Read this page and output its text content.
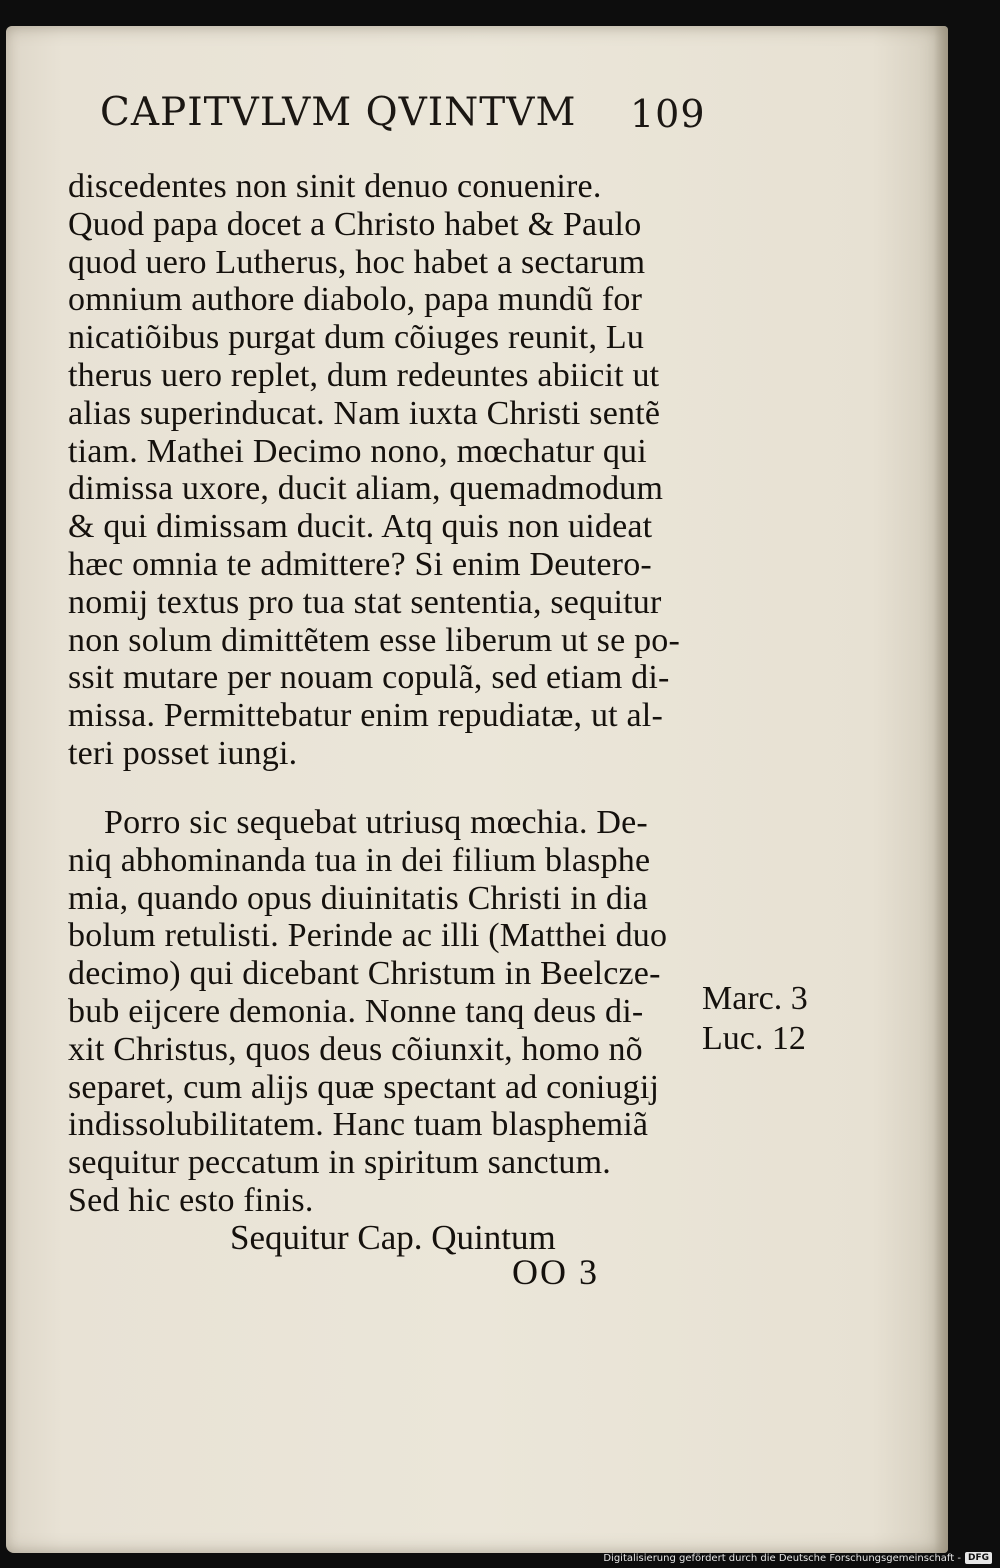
CAPITVLVM QVINTVM 109
discedentes non sinit denuo conuenire.
Quod papa docet a Christo habet & Paulo
quod uero Lutherus, hoc habet a sectarum
omnium authore diabolo, papa mundũ for
nicatiõibus purgat dum cõiuges reunit, Lu
therus uero replet, dum redeuntes abiicit ut
alias superinducat. Nam iuxta Christi sentẽ
tiam. Mathei Decimo nono, mœchatur qui
dimissa uxore, ducit aliam, quemadmodum
& qui dimissam ducit. Atq quis non uideat
hæc omnia te admittere? Si enim Deutero-
nomij textus pro tua stat sententia, sequitur
non solum dimittẽtem esse liberum ut se po-
ssit mutare per nouam copulã, sed etiam di-
missa. Permittebatur enim repudiatæ, ut al-
teri posset iungi.
Porro sic sequebat utriusq mœchia. De-
niq abhominanda tua in dei filium blasphe
mia, quando opus diuinitatis Christi in dia
bolum retulisti. Perinde ac illi (Matthei duo
decimo) qui dicebant Christum in Beelcze-
bub eijcere demonia. Nonne tanq deus di-
xit Christus, quos deus cõiunxit, homo nõ
separet, cum alijs quæ spectant ad coniugij
indissolubilitatem. Hanc tuam blasphemiã
sequitur peccatum in spiritum sanctum.
Sed hic esto finis.
Marc. 3
Luc. 12
Sequitur Cap. Quintum
OO 3
Digitalisierung gefördert durch die Deutsche Forschungsgemeinschaft - DFG
